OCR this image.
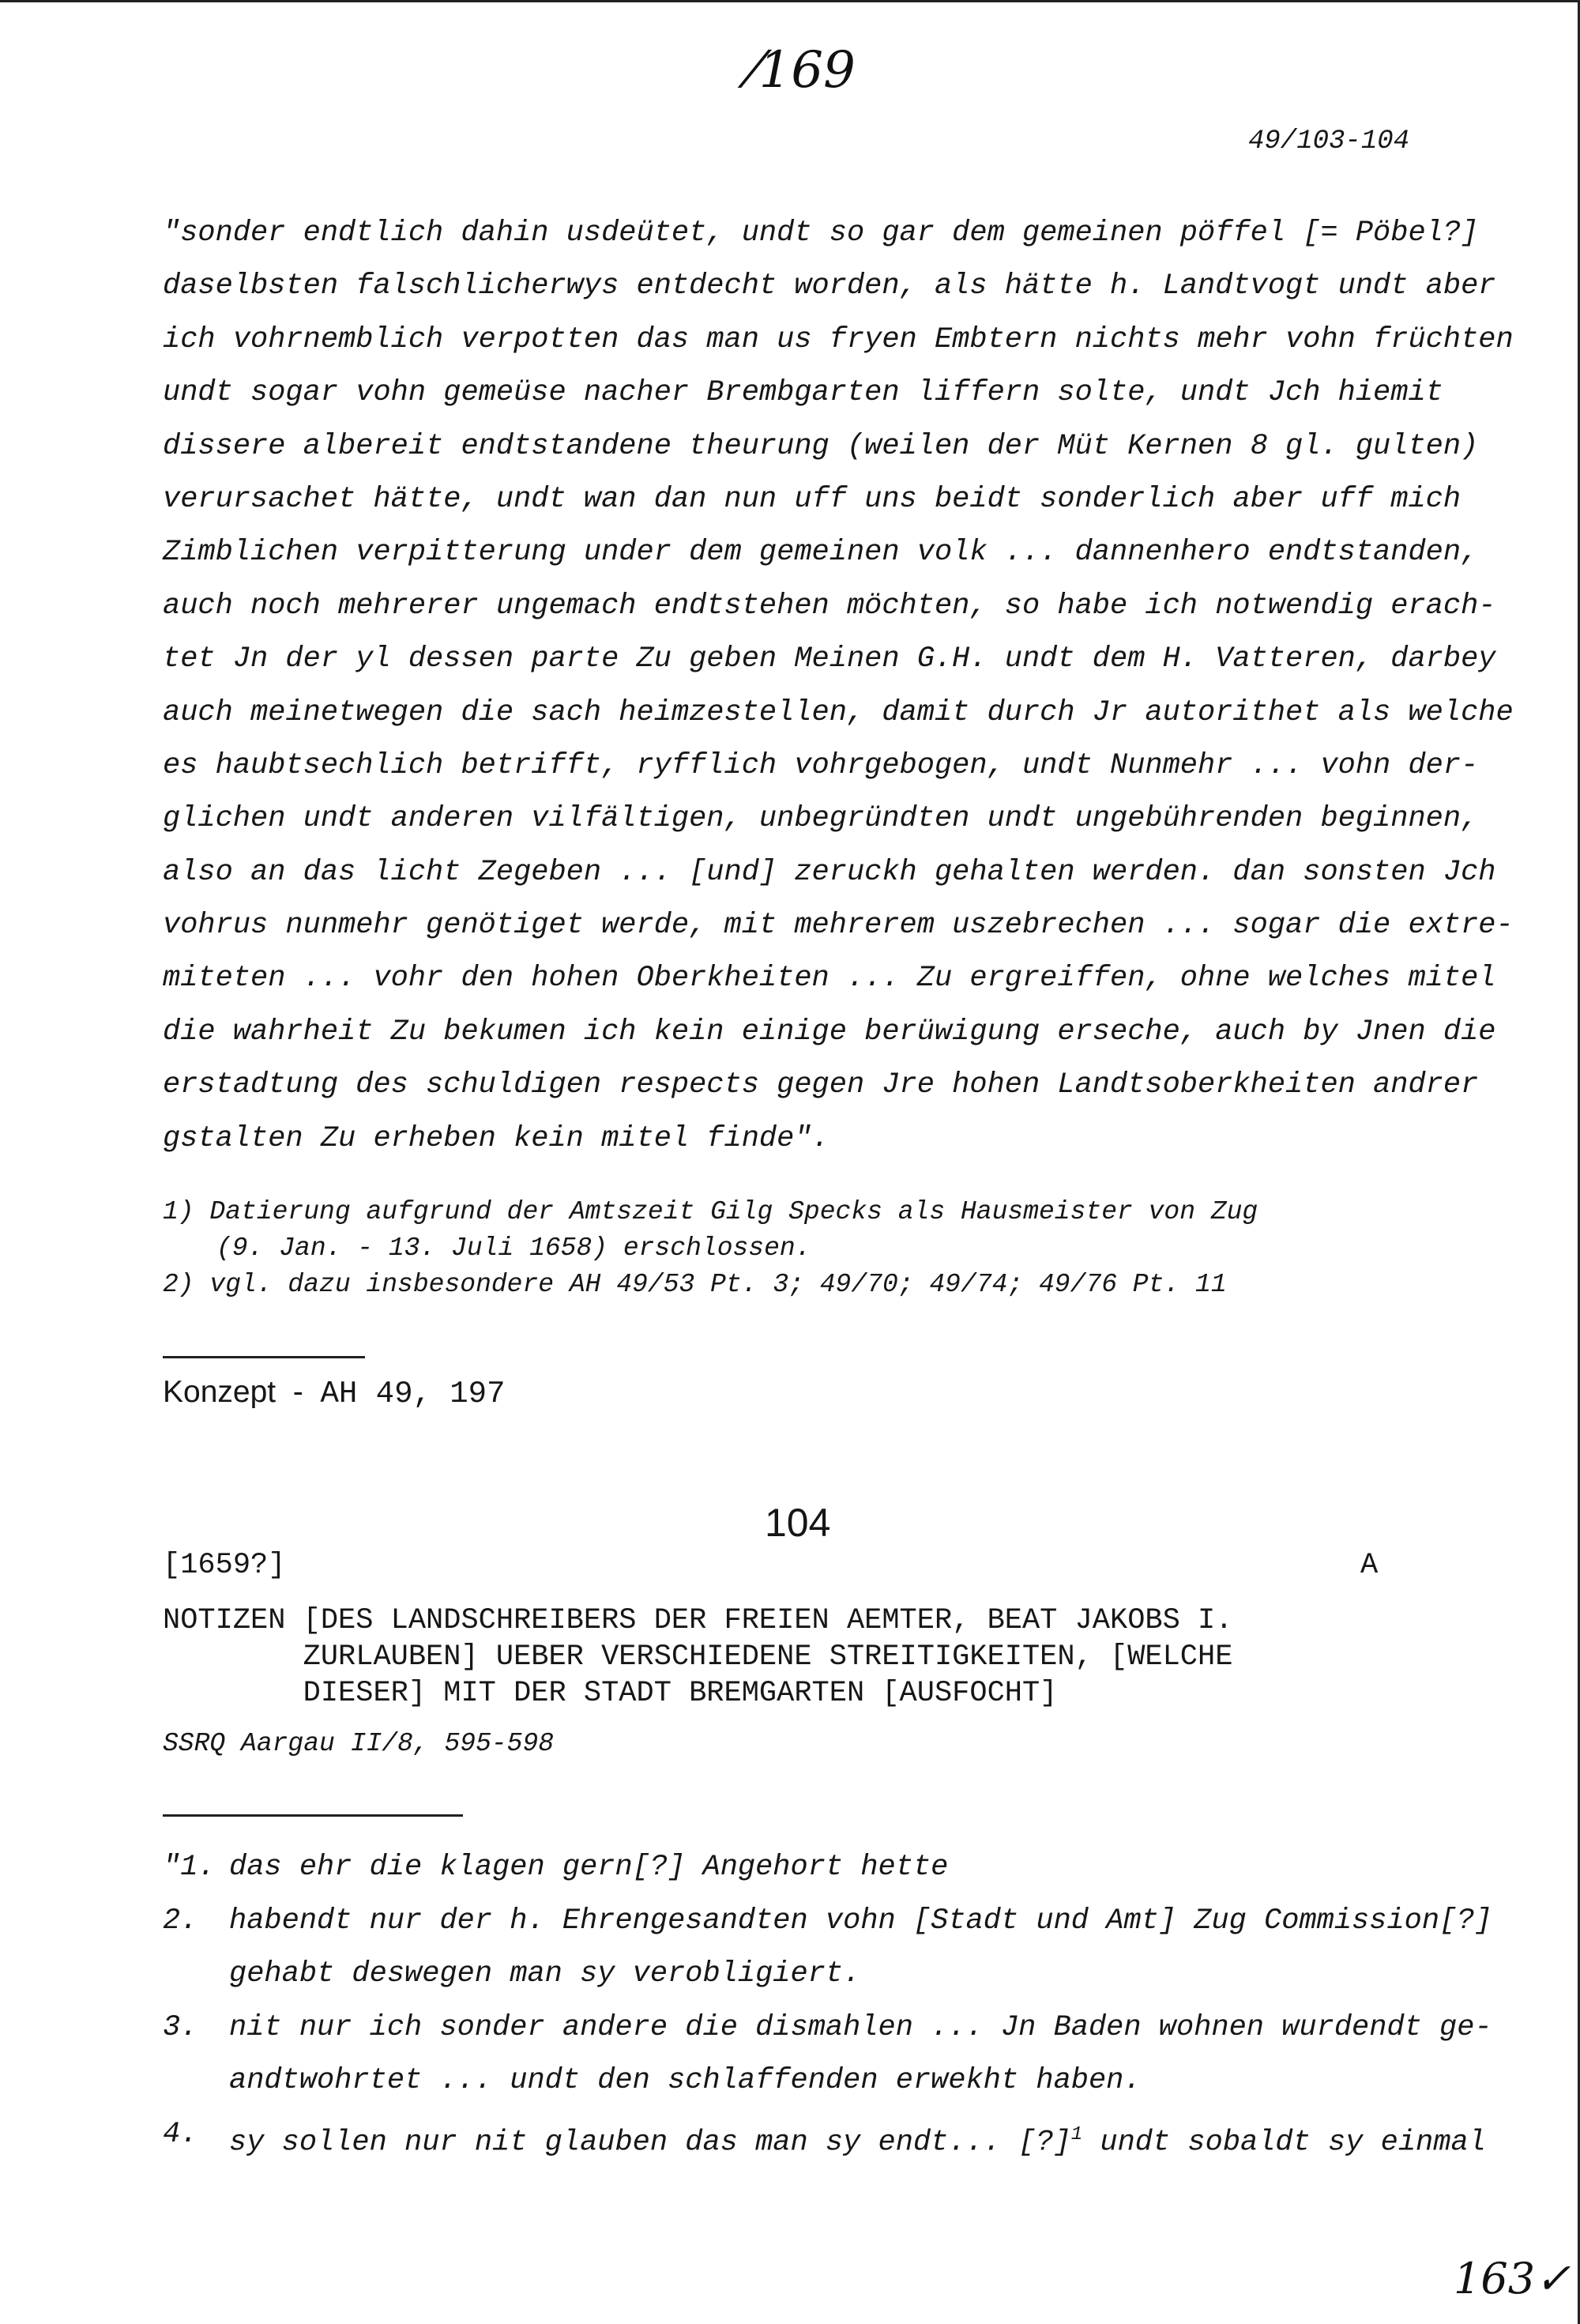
⁄169
49/103-104
"sonder endtlich dahin usdeütet, undt so gar dem gemeinen pöffel [= Pöbel?]
daselbsten falschlicherwys entdecht worden, als hätte h. Landtvogt undt aber
ich vohrnemblich verpotten das man us fryen Embtern nichts mehr vohn früchten
undt sogar vohn gemeüse nacher Brembgarten liffern solte, undt Jch hiemit
dissere albereit endtstandene theurung (weilen der Müt Kernen 8 gl. gulten)
verursachet hätte, undt wan dan nun uff uns beidt sonderlich aber uff mich
Zimblichen verpitterung under dem gemeinen volk ... dannenhero endtstanden,
auch noch mehrerer ungemach endtstehen möchten, so habe ich notwendig erach-
tet Jn der yl dessen parte Zu geben Meinen G.H. undt dem H. Vatteren, darbey
auch meinetwegen die sach heimzestellen, damit durch Jr autorithet als welche
es haubtsechlich betrifft, ryfflich vohrgebogen, undt Nunmehr ... vohn der-
glichen undt anderen vilfältigen, unbegründten undt ungebührenden beginnen,
also an das licht Zegeben ... [und] zeruckh gehalten werden. dan sonsten Jch
vohrus nunmehr genötiget werde, mit mehrerem uszebrechen ... sogar die extre-
miteten ... vohr den hohen Oberkheiten ... Zu ergreiffen, ohne welches mitel
die wahrheit Zu bekumen ich kein einige berüwigung erseche, auch by Jnen die
erstadtung des schuldigen respects gegen Jre hohen Landtsoberkheiten andrer
gstalten Zu erheben kein mitel finde".
1) Datierung aufgrund der Amtszeit Gilg Specks als Hausmeister von Zug
(9. Jan. - 13. Juli 1658) erschlossen.
2) vgl. dazu insbesondere AH 49/53 Pt. 3; 49/70; 49/74; 49/76 Pt. 11
Konzept - AH 49, 197
104
[1659?]	A
NOTIZEN [DES LANDSCHREIBERS DER FREIEN AEMTER, BEAT JAKOBS I.
ZURLAUBEN] UEBER VERSCHIEDENE STREITIGKEITEN, [WELCHE
DIESER] MIT DER STADT BREMGARTEN [AUSFOCHT]
SSRQ Aargau II/8, 595-598
"1. das ehr die klagen gern[?] Angehort hette
2. habendt nur der h. Ehrengesandten vohn [Stadt und Amt] Zug Commission[?]
gehabt deswegen man sy verobligiert.
3. nit nur ich sonder andere die dismahlen ... Jn Baden wohnen wurdendt ge-
andtwohrtet ... undt den schlaffenden erwekht haben.
4. sy sollen nur nit glauben das man sy endt... [?]$^1$ undt sobaldt sy einmal
163✓
